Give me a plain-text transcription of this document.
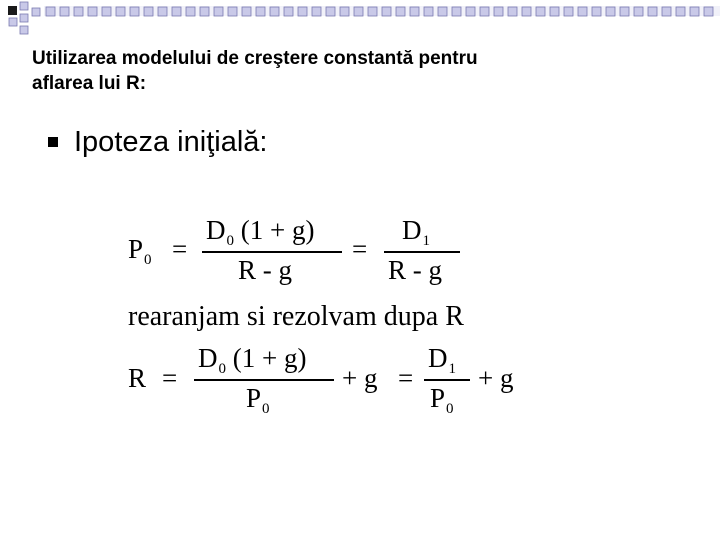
Utilizarea modelului de creştere constantă pentru
aflarea lui R:
Ipoteza iniţială:
$P_0$ =
$D_0$ (1 + g)
R - g
=
$D_1$
R - g
rearanjam si rezolvam dupa R
R =
$D_0$ (1 + g)
$P_0$
+ g =
$D_1$
$P_0$
+ g
